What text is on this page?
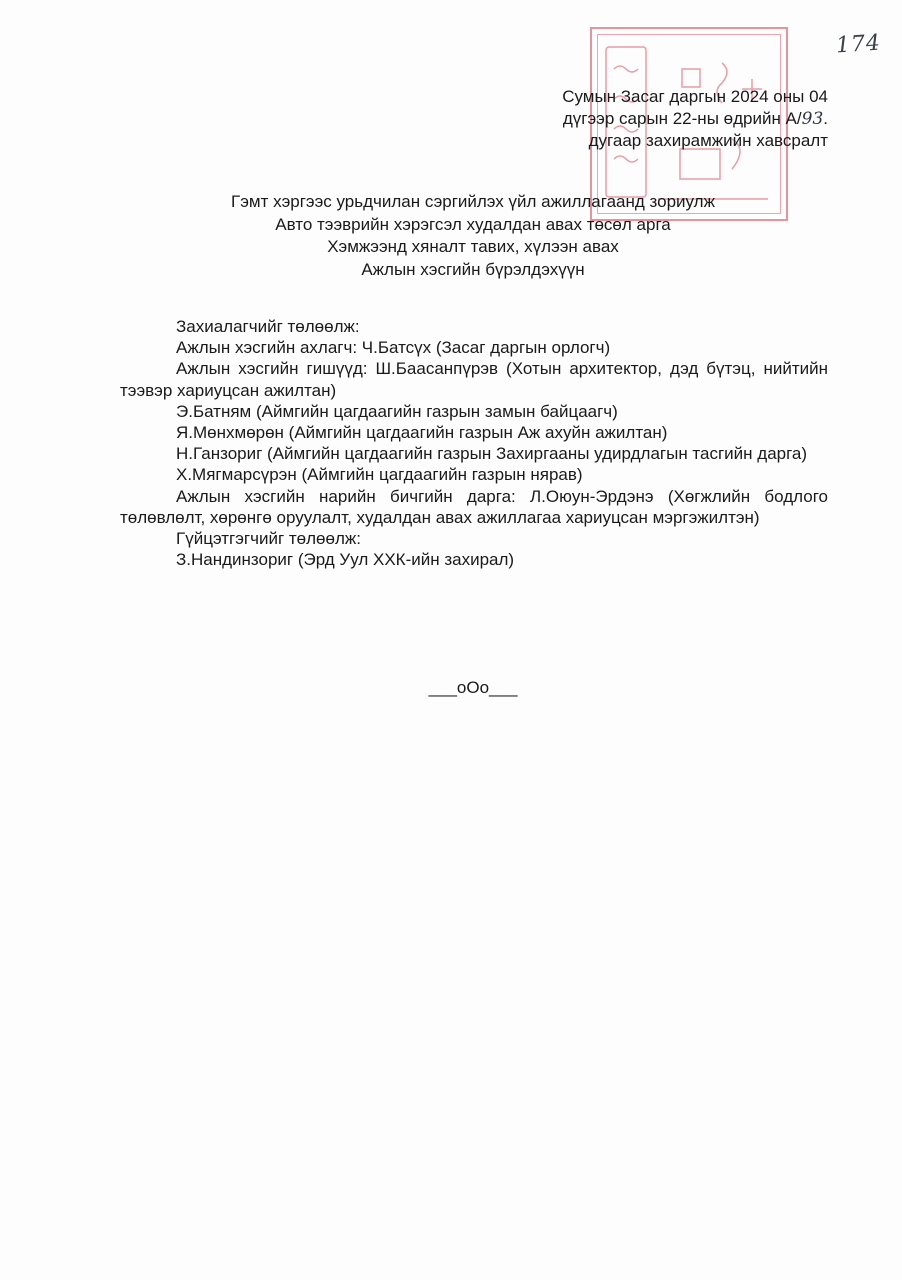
174
Сумын Засаг даргын 2024 оны 04
дүгээр сарын 22-ны өдрийн А/93.
дугаар захирамжийн хавсралт
Гэмт хэргээс урьдчилан сэргийлэх үйл ажиллагаанд зориулж
Авто тээврийн хэрэгсэл худалдан авах төсөл арга
Хэмжээнд хяналт тавих, хүлээн авах
Ажлын хэсгийн бүрэлдэхүүн

Захиалагчийг төлөөлж:

Ажлын хэсгийн ахлагч: Ч.Батсүх (Засаг даргын орлогч)

Ажлын хэсгийн гишүүд: Ш.Баасанпүрэв (Хотын архитектор, дэд бүтэц, нийтийн тээвэр хариуцсан ажилтан)

Э.Батням (Аймгийн цагдаагийн газрын замын байцаагч)

Я.Мөнхмөрөн (Аймгийн цагдаагийн газрын Аж ахуйн ажилтан)

Н.Ганзориг (Аймгийн цагдаагийн газрын Захиргааны удирдлагын тасгийн дарга)

Х.Мягмарсүрэн (Аймгийн цагдаагийн газрын нярав)

Ажлын хэсгийн нарийн бичгийн дарга: Л.Оюун-Эрдэнэ (Хөгжлийн бодлого төлөвлөлт, хөрөнгө оруулалт, худалдан авах ажиллагаа хариуцсан мэргэжилтэн)

Гүйцэтгэгчийг төлөөлж:

З.Нандинзориг (Эрд Уул ХХК-ийн захирал)

___oOo___
